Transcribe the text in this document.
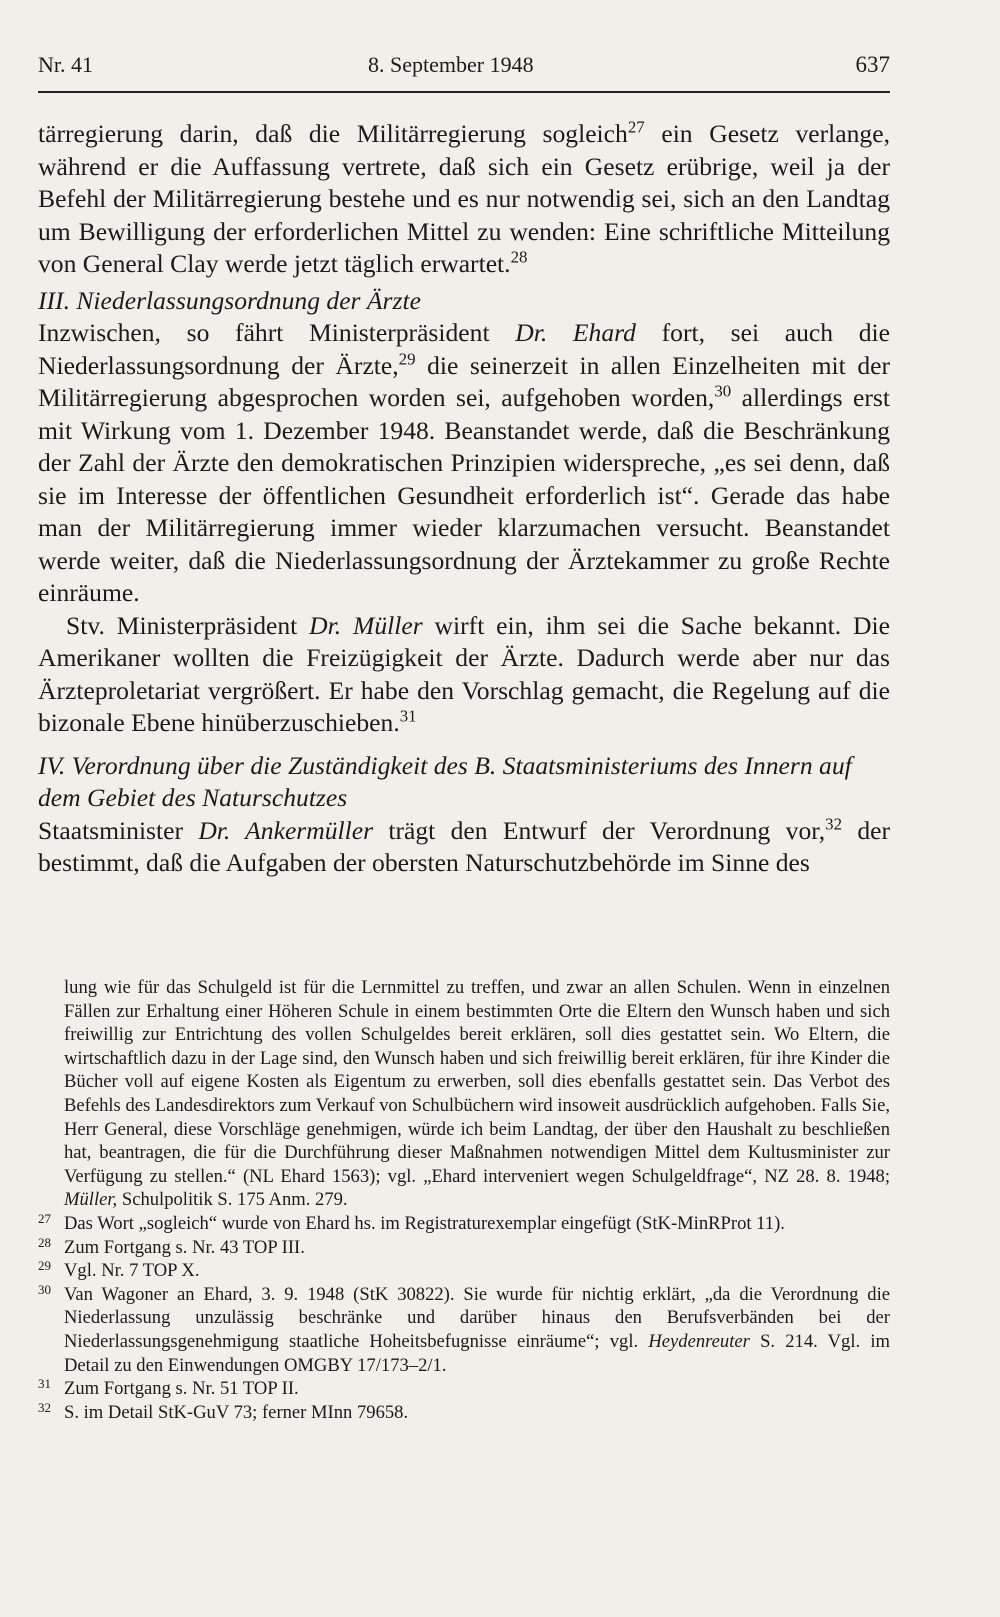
Nr. 41	8. September 1948	637

tärregierung darin, daß die Militärregierung sogleich$^{27}$ ein Gesetz verlange, während er die Auffassung vertrete, daß sich ein Gesetz erübrige, weil ja der Befehl der Militärregierung bestehe und es nur notwendig sei, sich an den Landtag um Bewilligung der erforderlichen Mittel zu wenden: Eine schriftliche Mitteilung von General Clay werde jetzt täglich erwartet.$^{28}$

III. Niederlassungsordnung der Ärzte

Inzwischen, so fährt Ministerpräsident Dr. Ehard fort, sei auch die Niederlassungsordnung der Ärzte,$^{29}$ die seinerzeit in allen Einzelheiten mit der Militärregierung abgesprochen worden sei, aufgehoben worden,$^{30}$ allerdings erst mit Wirkung vom 1. Dezember 1948. Beanstandet werde, daß die Beschränkung der Zahl der Ärzte den demokratischen Prinzipien widerspreche, „es sei denn, daß sie im Interesse der öffentlichen Gesundheit erforderlich ist“. Gerade das habe man der Militärregierung immer wieder klarzumachen versucht. Beanstandet werde weiter, daß die Niederlassungsordnung der Ärztekammer zu große Rechte einräume.

Stv. Ministerpräsident Dr. Müller wirft ein, ihm sei die Sache bekannt. Die Amerikaner wollten die Freizügigkeit der Ärzte. Dadurch werde aber nur das Ärzteproletariat vergrößert. Er habe den Vorschlag gemacht, die Regelung auf die bizonale Ebene hinüberzuschieben.$^{31}$

IV. Verordnung über die Zuständigkeit des B. Staatsministeriums des Innern auf dem Gebiet des Naturschutzes

Staatsminister Dr. Ankermüller trägt den Entwurf der Verordnung vor,$^{32}$ der bestimmt, daß die Aufgaben der obersten Naturschutzbehörde im Sinne des

lung wie für das Schulgeld ist für die Lernmittel zu treffen, und zwar an allen Schulen. Wenn in einzelnen Fällen zur Erhaltung einer Höheren Schule in einem bestimmten Orte die Eltern den Wunsch haben und sich freiwillig zur Entrichtung des vollen Schulgeldes bereit erklären, soll dies gestattet sein. Wo Eltern, die wirtschaftlich dazu in der Lage sind, den Wunsch haben und sich freiwillig bereit erklären, für ihre Kinder die Bücher voll auf eigene Kosten als Eigentum zu erwerben, soll dies ebenfalls gestattet sein. Das Verbot des Befehls des Landesdirektors zum Verkauf von Schulbüchern wird insoweit ausdrücklich aufgehoben. Falls Sie, Herr General, diese Vorschläge genehmigen, würde ich beim Landtag, der über den Haushalt zu beschließen hat, beantragen, die für die Durchführung dieser Maßnahmen notwendigen Mittel dem Kultusminister zur Verfügung zu stellen.“ (NL Ehard 1563); vgl. „Ehard interveniert wegen Schulgeldfrage“, NZ 28. 8. 1948; Müller, Schulpolitik S. 175 Anm. 279.

27 Das Wort „sogleich“ wurde von Ehard hs. im Registraturexemplar eingefügt (StK-MinRProt 11).
28 Zum Fortgang s. Nr. 43 TOP III.
29 Vgl. Nr. 7 TOP X.
30 Van Wagoner an Ehard, 3. 9. 1948 (StK 30822). Sie wurde für nichtig erklärt, „da die Verordnung die Niederlassung unzulässig beschränke und darüber hinaus den Berufsverbänden bei der Niederlassungsgenehmigung staatliche Hoheitsbefugnisse einräume“; vgl. Heydenreuter S. 214. Vgl. im Detail zu den Einwendungen OMGBY 17/173–2/1.
31 Zum Fortgang s. Nr. 51 TOP II.
32 S. im Detail StK-GuV 73; ferner MInn 79658.
